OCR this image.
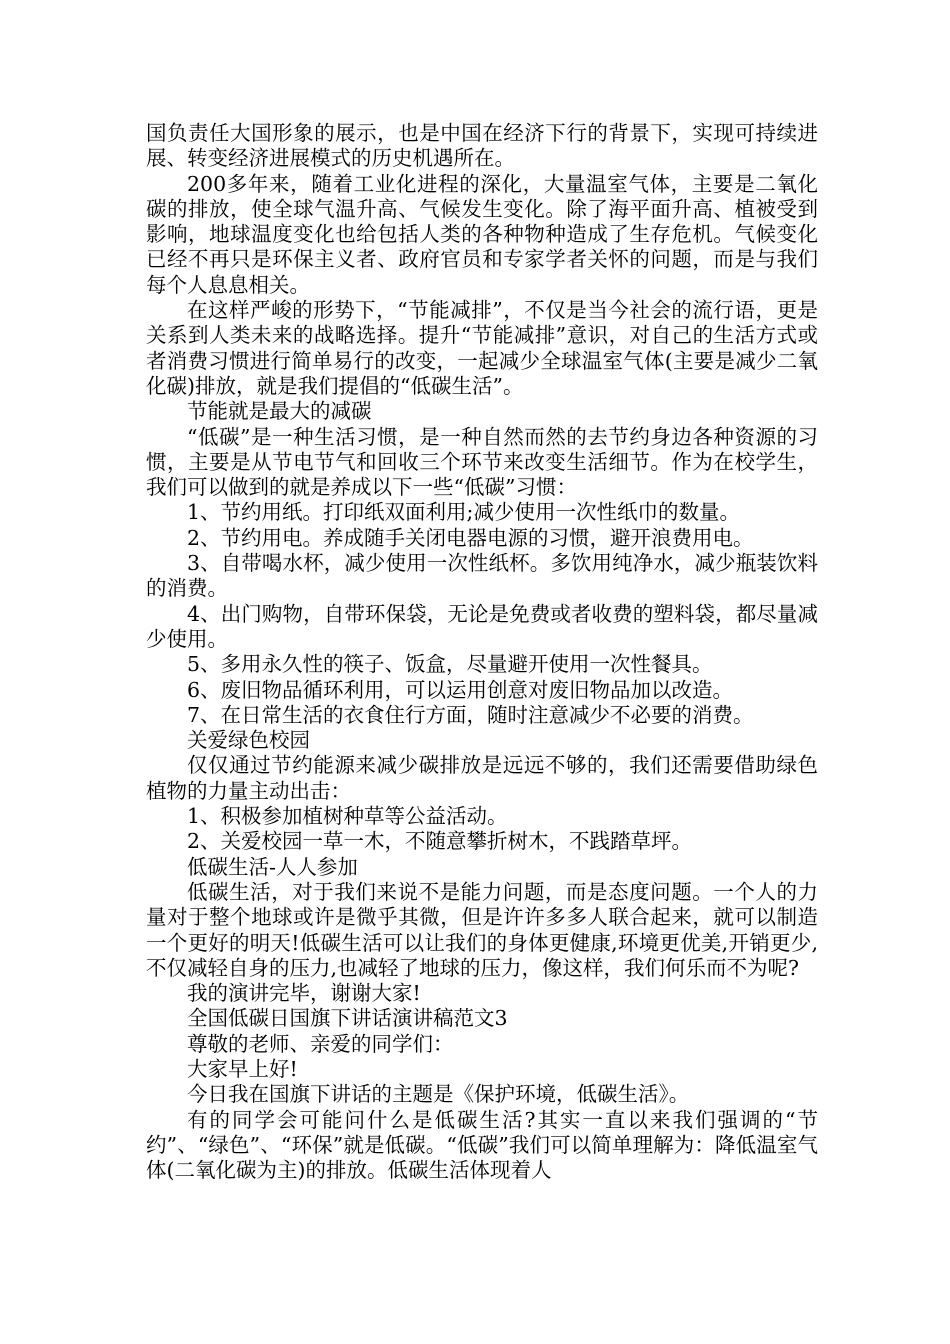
国负责任大国形象的展示，也是中国在经济下行的背景下，实现可持续进展、转变经济进展模式的历史机遇所在。

200多年来，随着工业化进程的深化，大量温室气体，主要是二氧化碳的排放，使全球气温升高、气候发生变化。除了海平面升高、植被受到影响，地球温度变化也给包括人类的各种物种造成了生存危机。气候变化已经不再只是环保主义者、政府官员和专家学者关怀的问题，而是与我们每个人息息相关。

在这样严峻的形势下，“节能减排”，不仅是当今社会的流行语，更是关系到人类未来的战略选择。提升“节能减排”意识，对自己的生活方式或者消费习惯进行简单易行的改变，一起减少全球温室气体(主要是减少二氧化碳)排放，就是我们提倡的“低碳生活”。

节能就是最大的减碳

“低碳”是一种生活习惯，是一种自然而然的去节约身边各种资源的习惯，主要是从节电节气和回收三个环节来改变生活细节。作为在校学生，我们可以做到的就是养成以下一些“低碳”习惯：

1、节约用纸。打印纸双面利用;减少使用一次性纸巾的数量。

2、节约用电。养成随手关闭电器电源的习惯，避开浪费用电。

3、自带喝水杯，减少使用一次性纸杯。多饮用纯净水，减少瓶装饮料的消费。

4、出门购物，自带环保袋，无论是免费或者收费的塑料袋，都尽量减少使用。

5、多用永久性的筷子、饭盒，尽量避开使用一次性餐具。

6、废旧物品循环利用，可以运用创意对废旧物品加以改造。

7、在日常生活的衣食住行方面，随时注意减少不必要的消费。

关爱绿色校园

仅仅通过节约能源来减少碳排放是远远不够的，我们还需要借助绿色植物的力量主动出击：

1、积极参加植树种草等公益活动。

2、关爱校园一草一木，不随意攀折树木，不践踏草坪。

低碳生活-人人参加

低碳生活，对于我们来说不是能力问题，而是态度问题。一个人的力量对于整个地球或许是微乎其微，但是许许多多人联合起来，就可以制造一个更好的明天!低碳生活可以让我们的身体更健康,环境更优美,开销更少,不仅减轻自身的压力,也减轻了地球的压力，像这样，我们何乐而不为呢?

我的演讲完毕，谢谢大家!

全国低碳日国旗下讲话演讲稿范文3

尊敬的老师、亲爱的同学们：

大家早上好!

今日我在国旗下讲话的主题是《保护环境，低碳生活》。

有的同学会可能问什么是低碳生活?其实一直以来我们强调的“节约”、“绿色”、“环保”就是低碳。“低碳”我们可以简单理解为：降低温室气体(二氧化碳为主)的排放。低碳生活体现着人
